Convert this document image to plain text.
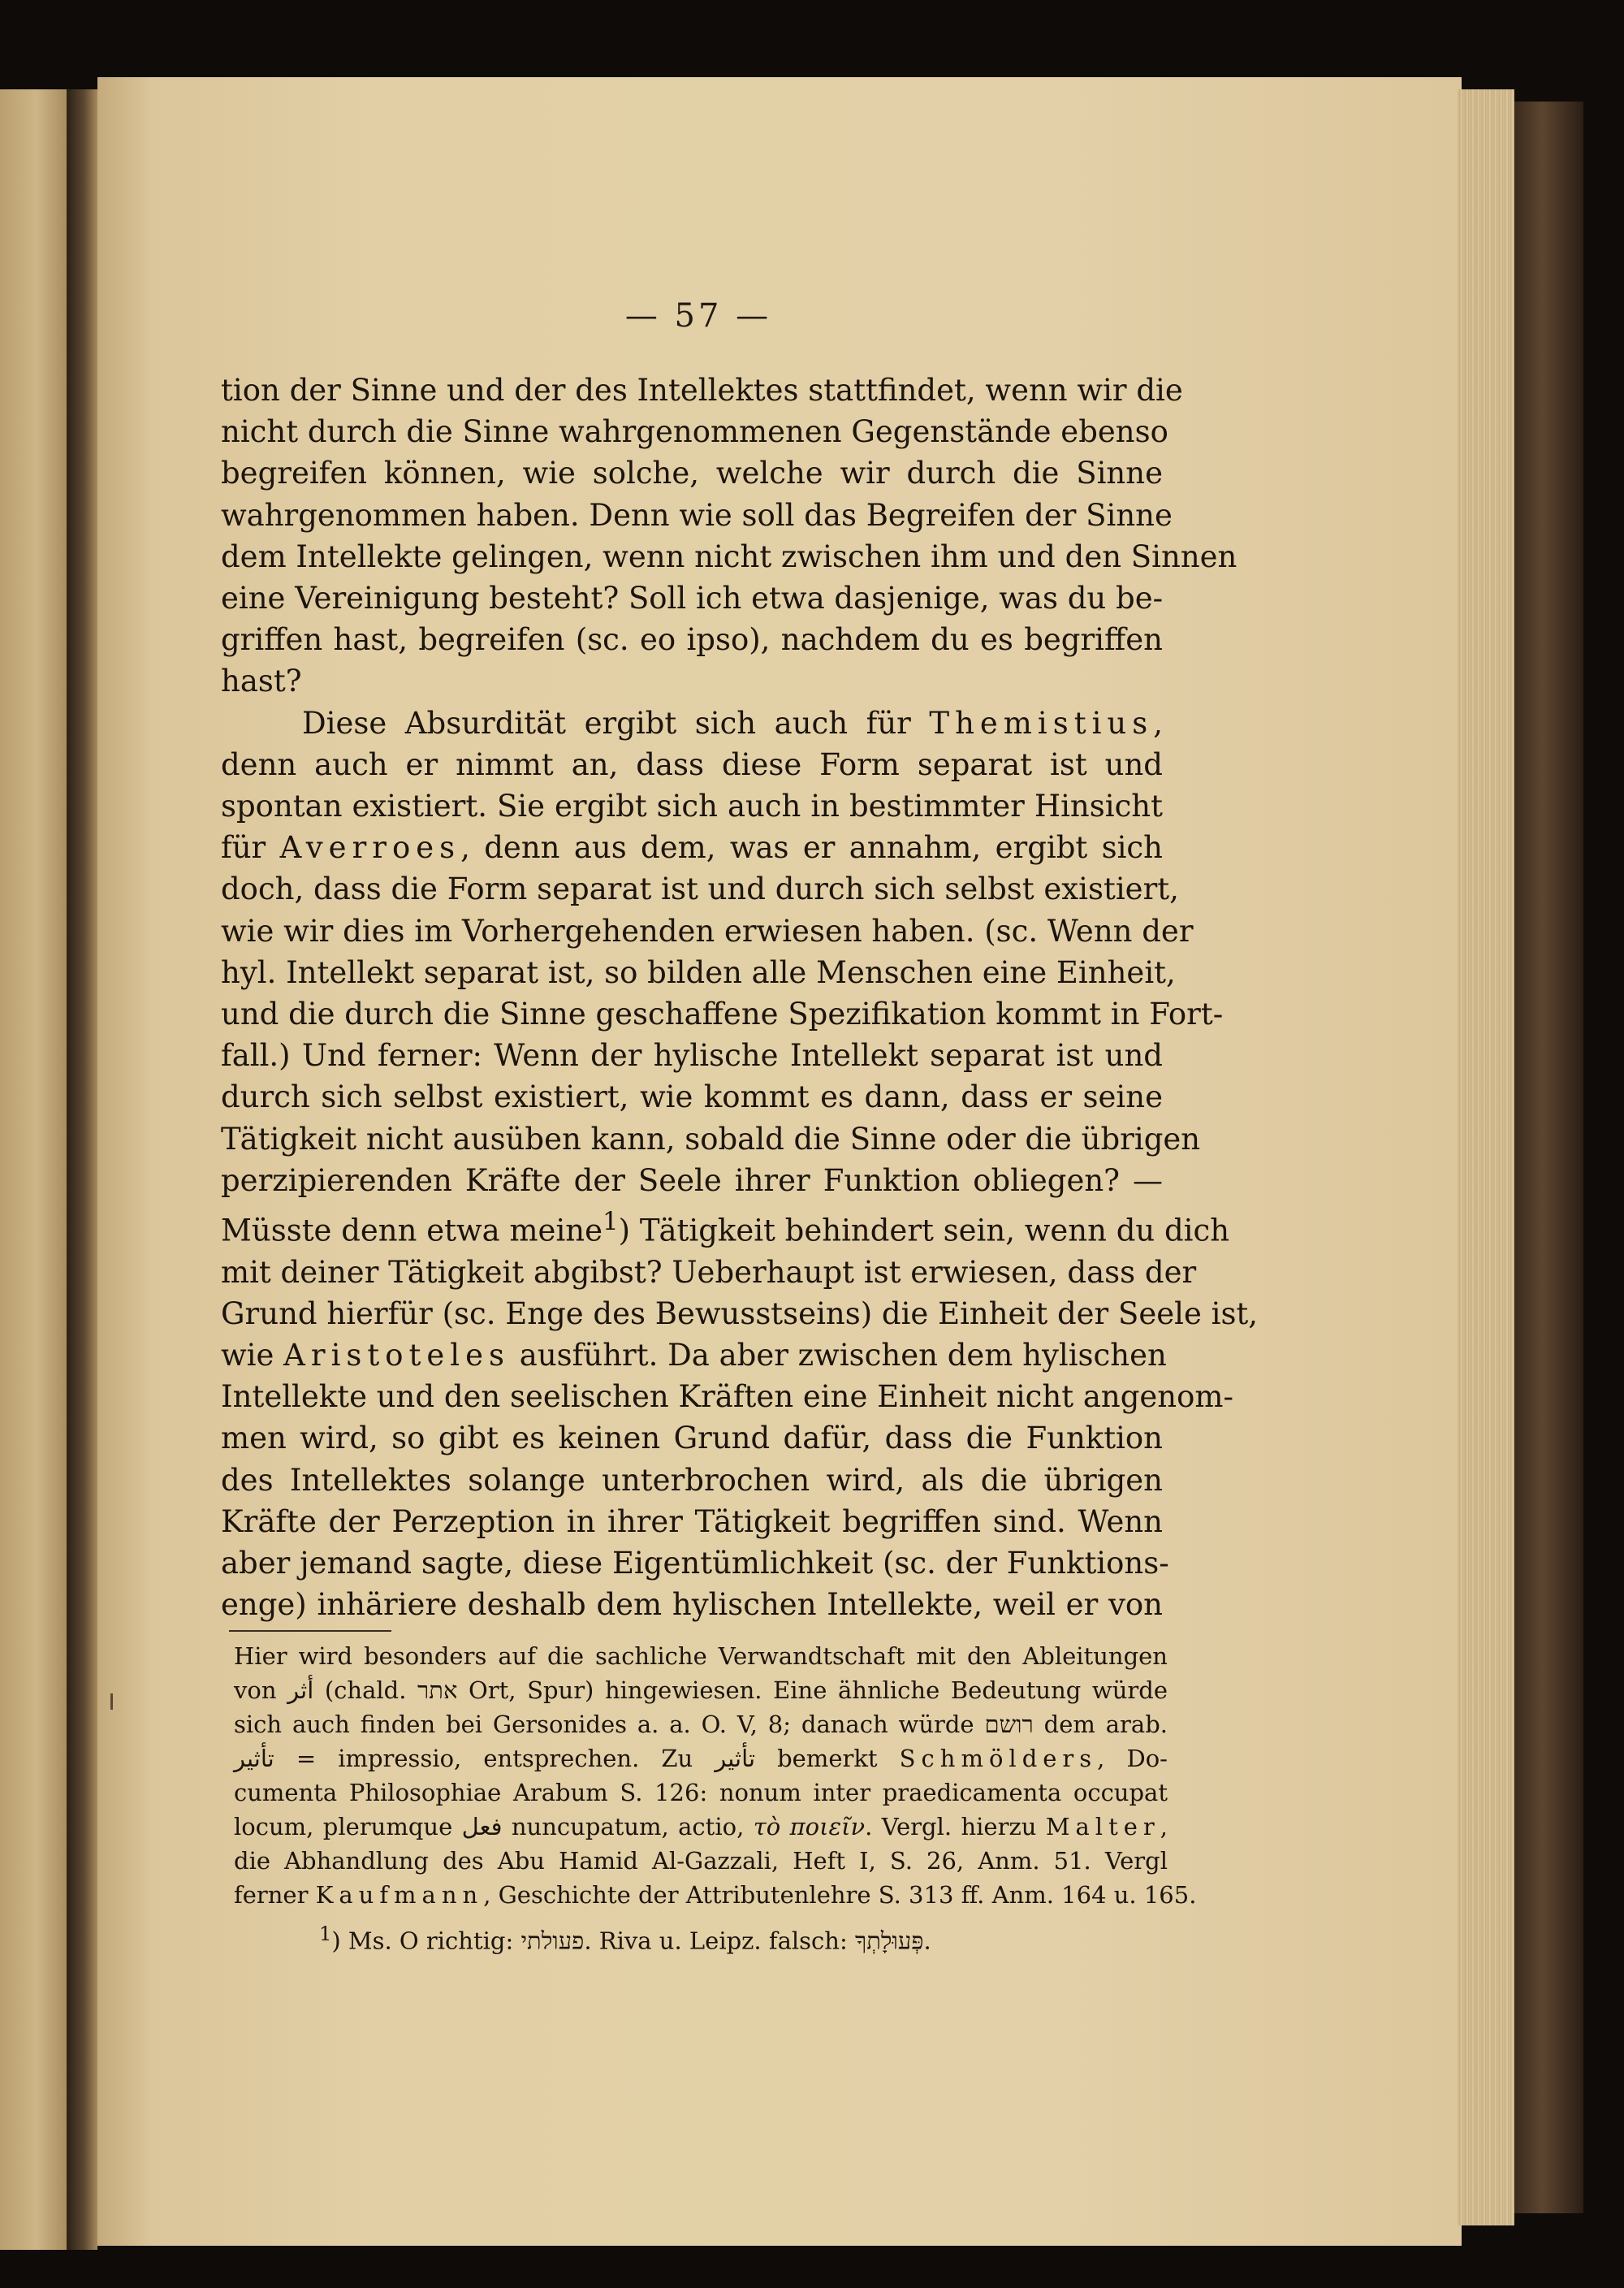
— 57 —

tion der Sinne und der des Intellektes stattfindet, wenn wir die
nicht durch die Sinne wahrgenommenen Gegenstände ebenso
begreifen können, wie solche, welche wir durch die Sinne
wahrgenommen haben. Denn wie soll das Begreifen der Sinne
dem Intellekte gelingen, wenn nicht zwischen ihm und den Sinnen
eine Vereinigung besteht? Soll ich etwa dasjenige, was du be-
griffen hast, begreifen (sc. eo ipso), nachdem du es begriffen
hast?

Diese Absurdität ergibt sich auch für Themistius,
denn auch er nimmt an, dass diese Form separat ist und
spontan existiert. Sie ergibt sich auch in bestimmter Hinsicht
für Averroes, denn aus dem, was er annahm, ergibt sich
doch, dass die Form separat ist und durch sich selbst existiert,
wie wir dies im Vorhergehenden erwiesen haben. (sc. Wenn der
hyl. Intellekt separat ist, so bilden alle Menschen eine Einheit,
und die durch die Sinne geschaffene Spezifikation kommt in Fort-
fall.) Und ferner: Wenn der hylische Intellekt separat ist und
durch sich selbst existiert, wie kommt es dann, dass er seine
Tätigkeit nicht ausüben kann, sobald die Sinne oder die übrigen
perzipierenden Kräfte der Seele ihrer Funktion obliegen? —
Müsste denn etwa meine$^1$) Tätigkeit behindert sein, wenn du dich
mit deiner Tätigkeit abgibst? Ueberhaupt ist erwiesen, dass der
Grund hierfür (sc. Enge des Bewusstseins) die Einheit der Seele ist,
wie Aristoteles ausführt. Da aber zwischen dem hylischen
Intellekte und den seelischen Kräften eine Einheit nicht angenom-
men wird, so gibt es keinen Grund dafür, dass die Funktion
des Intellektes solange unterbrochen wird, als die übrigen
Kräfte der Perzeption in ihrer Tätigkeit begriffen sind. Wenn
aber jemand sagte, diese Eigentümlichkeit (sc. der Funktions-
enge) inhäriere deshalb dem hylischen Intellekte, weil er von

Hier wird besonders auf die sachliche Verwandtschaft mit den Ableitungen
von أثر (chald. אתר Ort, Spur) hingewiesen. Eine ähnliche Bedeutung würde
sich auch finden bei Gersonides a. a. O. V, 8; danach würde רושם dem arab.
تأثير = impressio, entsprechen. Zu تأثير bemerkt Schmölders, Do-
cumenta Philosophiae Arabum S. 126: nonum inter praedicamenta occupat
locum, plerumque فعل nuncupatum, actio, τὸ ποιεῖν. Vergl. hierzu Malter,
die Abhandlung des Abu Hamid Al-Gazzali, Heft I, S. 26, Anm. 51. Vergl
ferner Kaufmann, Geschichte der Attributenlehre S. 313 ff. Anm. 164 u. 165.
$^1$) Ms. O richtig: פעולתי. Riva u. Leipz. falsch: פְּעוּלָתְךָ.
